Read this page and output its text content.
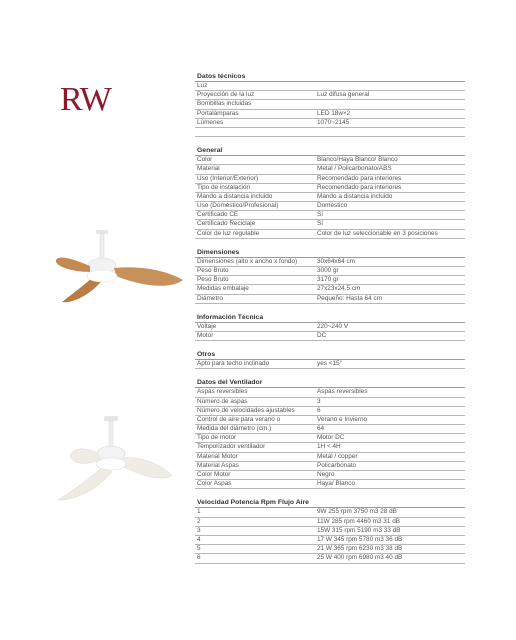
RW
Datos técnicos
Luz
Proyección de la luz	Luz difusa general
Bombillas incluidas
Portalámparas	LED 18w×2
Lúmenes	1070~2145
General
Color	Blanco/Haya Blanco/ Blanco
Material	Metal / Policarbonato/ABS
Uso (Interior/Exterior)	Recomendado para interiores
Tipo de instalación	Recomendado para interiores
Mando a distancia incluido	Mando a distancia incluido
Uso (Doméstico/Profesional)	Doméstico
Certificado CE	Sí
Certificado Reciclaje	Sí
Color de luz regulable	Color de luz seleccionable en 3 posiciones
Dimensiones
Dimensiones (alto x ancho x fondo)	30x64x64 cm
Peso Bruto	3000 gr
Peso Bruto	3170 gr
Medidas embalaje	27x23x24.5 cm
Diámetro	Pequeño: Hasta 64 cm
Información Técnica
Voltaje	220~240 V
Motor	DC
Otros
Apto para techo inclinado	yes <15°
Datos del Ventilador
Aspas reversibles	Aspas reversibles
Número de aspas	3
Número de velocidades ajustables	6
Control de aire para verano o	Verano e Invierno
Medida del diámetro (cm.)	64
Tipo de motor	Motor DC
Temporizador ventilador	1H < 4H
Material Motor	Metal / copper
Material Aspas	Policarbonato
Color Motor	Negro
Color Aspas	Haya/ Blanco
Velocidad Potencia Rpm Flujo Aire
1	9W 255 rpm 3750 m3 28 dB
2	11W 285 rpm 4460 m3 31 dB
3	15W 315 rpm 5190 m3 33 dB
4	17 W 345 rpm 5780 m3 36 dB
5	21 W 365 rpm 6230 m3 38 dB
6	25 W 400 rpm 6980 m3 40 dB
